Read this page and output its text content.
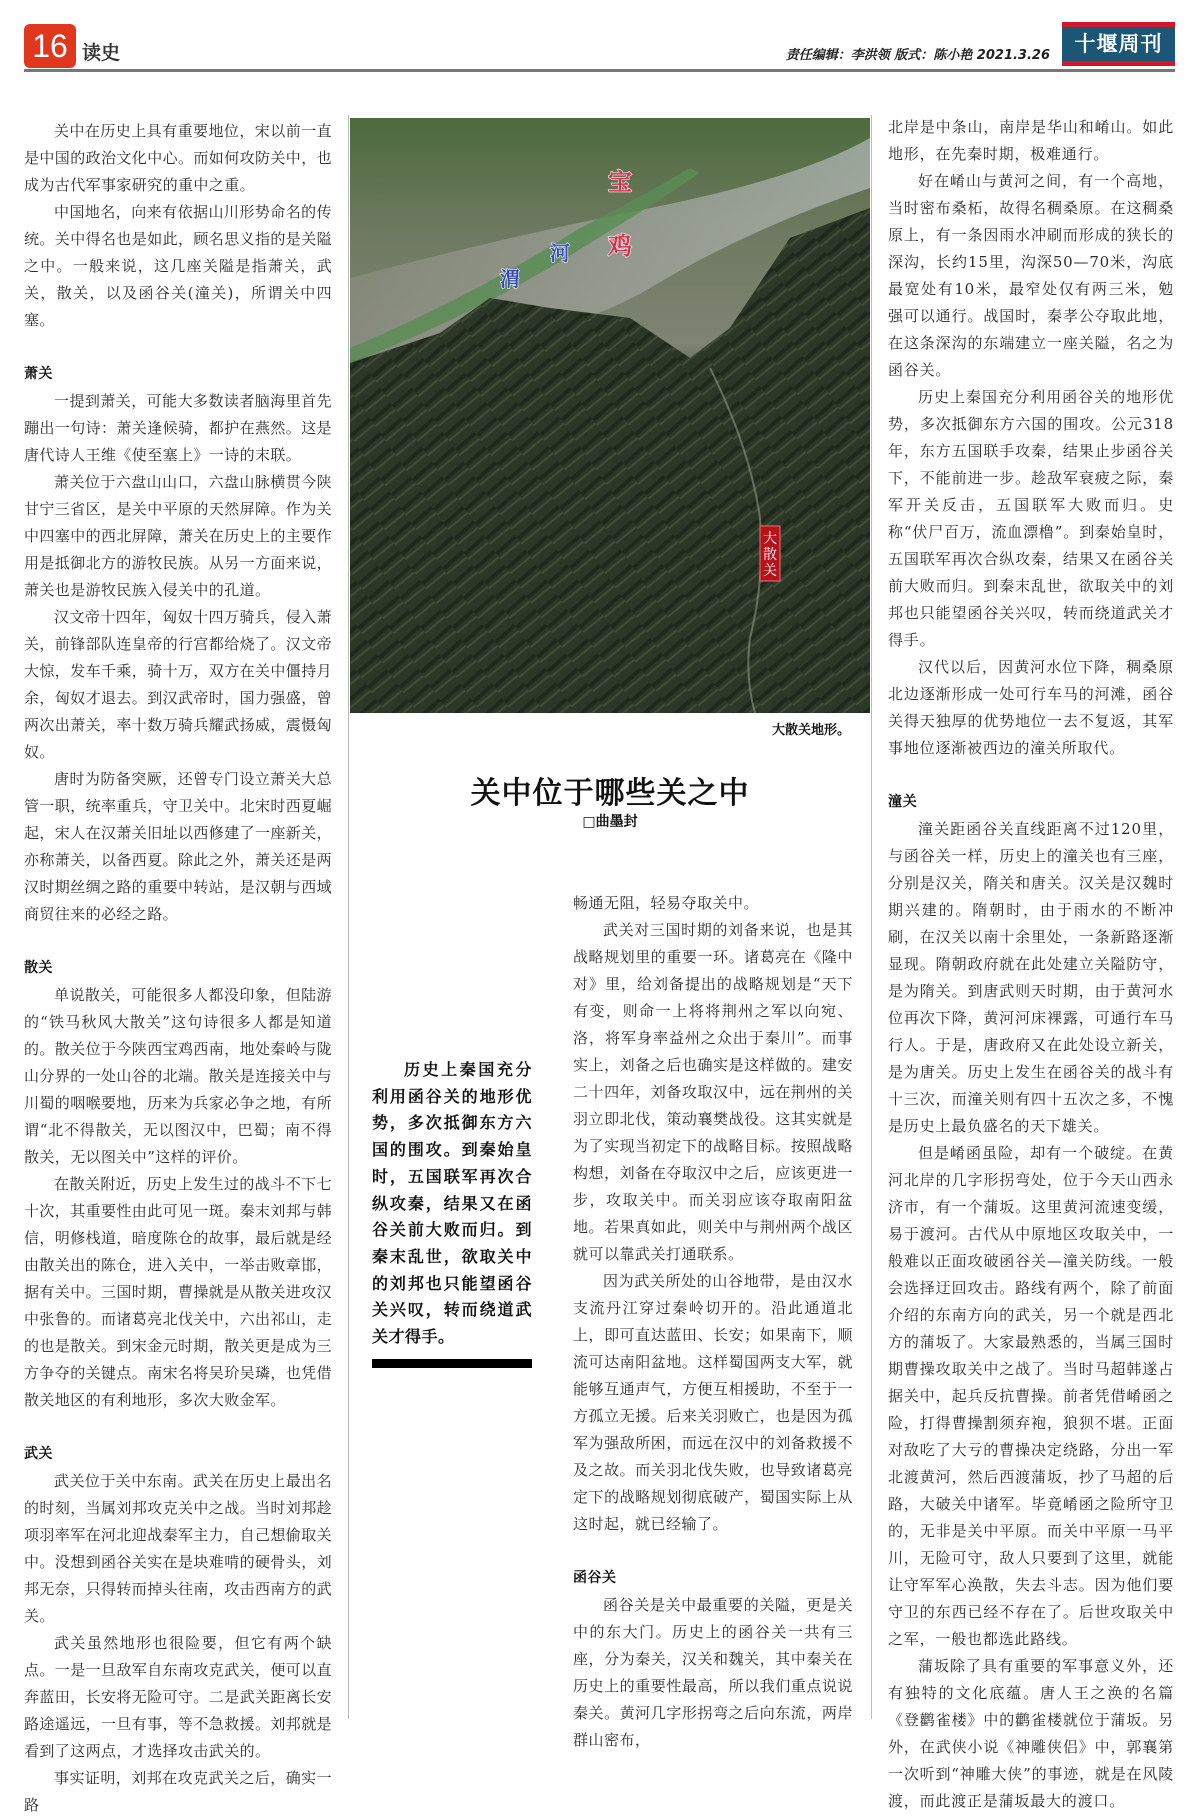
16 读史	责任编辑：李洪领 版式：陈小艳 2021.3.26	十堰周刊

关中在历史上具有重要地位，宋以前一直是中国的政治文化中心。而如何攻防关中，也成为古代军事家研究的重中之重。

中国地名，向来有依据山川形势命名的传统。关中得名也是如此，顾名思义指的是关隘之中。一般来说，这几座关隘是指萧关，武关，散关，以及函谷关(潼关)，所谓关中四塞。

萧关

一提到萧关，可能大多数读者脑海里首先蹦出一句诗：萧关逢候骑，都护在燕然。这是唐代诗人王维《使至塞上》一诗的末联。

萧关位于六盘山山口，六盘山脉横贯今陕甘宁三省区，是关中平原的天然屏障。作为关中四塞中的西北屏障，萧关在历史上的主要作用是抵御北方的游牧民族。从另一方面来说，萧关也是游牧民族入侵关中的孔道。

汉文帝十四年，匈奴十四万骑兵，侵入萧关，前锋部队连皇帝的行宫都给烧了。汉文帝大惊，发车千乘，骑十万，双方在关中僵持月余，匈奴才退去。到汉武帝时，国力强盛，曾两次出萧关，率十数万骑兵耀武扬威，震慑匈奴。

唐时为防备突厥，还曾专门设立萧关大总管一职，统率重兵，守卫关中。北宋时西夏崛起，宋人在汉萧关旧址以西修建了一座新关，亦称萧关，以备西夏。除此之外，萧关还是两汉时期丝绸之路的重要中转站，是汉朝与西域商贸往来的必经之路。

散关

单说散关，可能很多人都没印象，但陆游的“铁马秋风大散关”这句诗很多人都是知道的。散关位于今陕西宝鸡西南，地处秦岭与陇山分界的一处山谷的北端。散关是连接关中与川蜀的咽喉要地，历来为兵家必争之地，有所谓“北不得散关，无以图汉中，巴蜀；南不得散关，无以图关中”这样的评价。

在散关附近，历史上发生过的战斗不下七十次，其重要性由此可见一斑。秦末刘邦与韩信，明修栈道，暗度陈仓的故事，最后就是经由散关出的陈仓，进入关中，一举击败章邯，据有关中。三国时期，曹操就是从散关进攻汉中张鲁的。而诸葛亮北伐关中，六出祁山，走的也是散关。到宋金元时期，散关更是成为三方争夺的关键点。南宋名将吴玠吴璘，也凭借散关地区的有利地形，多次大败金军。

武关

武关位于关中东南。武关在历史上最出名的时刻，当属刘邦攻克关中之战。当时刘邦趁项羽率军在河北迎战秦军主力，自己想偷取关中。没想到函谷关实在是块难啃的硬骨头，刘邦无奈，只得转而掉头往南，攻击西南方的武关。

武关虽然地形也很险要，但它有两个缺点。一是一旦敌军自东南攻克武关，便可以直奔蓝田，长安将无险可守。二是武关距离长安路途遥远，一旦有事，等不急救援。刘邦就是看到了这两点，才选择攻击武关的。

事实证明，刘邦在攻克武关之后，确实一路

宝
鸡
河
渭
大
散
关
大散关地形。
关中位于哪些关之中
□曲墨封
历史上秦国充分利用函谷关的地形优势，多次抵御东方六国的围攻。到秦始皇时，五国联军再次合纵攻秦，结果又在函谷关前大败而归。到秦末乱世，欲取关中的刘邦也只能望函谷关兴叹，转而绕道武关才得手。

畅通无阻，轻易夺取关中。

武关对三国时期的刘备来说，也是其战略规划里的重要一环。诸葛亮在《隆中对》里，给刘备提出的战略规划是“天下有变，则命一上将将荆州之军以向宛、洛，将军身率益州之众出于秦川”。而事实上，刘备之后也确实是这样做的。建安二十四年，刘备攻取汉中，远在荆州的关羽立即北伐，策动襄樊战役。这其实就是为了实现当初定下的战略目标。按照战略构想，刘备在夺取汉中之后，应该更进一步，攻取关中。而关羽应该夺取南阳盆地。若果真如此，则关中与荆州两个战区就可以靠武关打通联系。

因为武关所处的山谷地带，是由汉水支流丹江穿过秦岭切开的。沿此通道北上，即可直达蓝田、长安；如果南下，顺流可达南阳盆地。这样蜀国两支大军，就能够互通声气，方便互相援助，不至于一方孤立无援。后来关羽败亡，也是因为孤军为强敌所困，而远在汉中的刘备救援不及之故。而关羽北伐失败，也导致诸葛亮定下的战略规划彻底破产，蜀国实际上从这时起，就已经输了。

函谷关

函谷关是关中最重要的关隘，更是关中的东大门。历史上的函谷关一共有三座，分为秦关，汉关和魏关，其中秦关在历史上的重要性最高，所以我们重点说说秦关。黄河几字形拐弯之后向东流，两岸群山密布，

北岸是中条山，南岸是华山和崤山。如此地形，在先秦时期，极难通行。

好在崤山与黄河之间，有一个高地，当时密布桑柘，故得名稠桑原。在这稠桑原上，有一条因雨水冲刷而形成的狭长的深沟，长约15里，沟深50—70米，沟底最宽处有10米，最窄处仅有两三米，勉强可以通行。战国时，秦孝公夺取此地，在这条深沟的东端建立一座关隘，名之为函谷关。

历史上秦国充分利用函谷关的地形优势，多次抵御东方六国的围攻。公元318年，东方五国联手攻秦，结果止步函谷关下，不能前进一步。趁敌军衰疲之际，秦军开关反击，五国联军大败而归。史称“伏尸百万，流血漂橹”。到秦始皇时，五国联军再次合纵攻秦，结果又在函谷关前大败而归。到秦末乱世，欲取关中的刘邦也只能望函谷关兴叹，转而绕道武关才得手。

汉代以后，因黄河水位下降，稠桑原北边逐渐形成一处可行车马的河滩，函谷关得天独厚的优势地位一去不复返，其军事地位逐渐被西边的潼关所取代。

潼关

潼关距函谷关直线距离不过120里，与函谷关一样，历史上的潼关也有三座，分别是汉关，隋关和唐关。汉关是汉魏时期兴建的。隋朝时，由于雨水的不断冲刷，在汉关以南十余里处，一条新路逐渐显现。隋朝政府就在此处建立关隘防守，是为隋关。到唐武则天时期，由于黄河水位再次下降，黄河河床裸露，可通行车马行人。于是，唐政府又在此处设立新关，是为唐关。历史上发生在函谷关的战斗有十三次，而潼关则有四十五次之多，不愧是历史上最负盛名的天下雄关。

但是崤函虽险，却有一个破绽。在黄河北岸的几字形拐弯处，位于今天山西永济市，有一个蒲坂。这里黄河流速变缓，易于渡河。古代从中原地区攻取关中，一般难以正面攻破函谷关—潼关防线。一般会选择迂回攻击。路线有两个，除了前面介绍的东南方向的武关，另一个就是西北方的蒲坂了。大家最熟悉的，当属三国时期曹操攻取关中之战了。当时马超韩遂占据关中，起兵反抗曹操。前者凭借崤函之险，打得曹操割须弃袍，狼狈不堪。正面对敌吃了大亏的曹操决定绕路，分出一军北渡黄河，然后西渡蒲坂，抄了马超的后路，大破关中诸军。毕竟崤函之险所守卫的，无非是关中平原。而关中平原一马平川，无险可守，敌人只要到了这里，就能让守军军心涣散，失去斗志。因为他们要守卫的东西已经不存在了。后世攻取关中之军，一般也都选此路线。

蒲坂除了具有重要的军事意义外，还有独特的文化底蕴。唐人王之涣的名篇《登鹳雀楼》中的鹳雀楼就位于蒲坂。另外，在武侠小说《神雕侠侣》中，郭襄第一次听到“神雕大侠”的事迹，就是在风陵渡，而此渡正是蒲坂最大的渡口。
